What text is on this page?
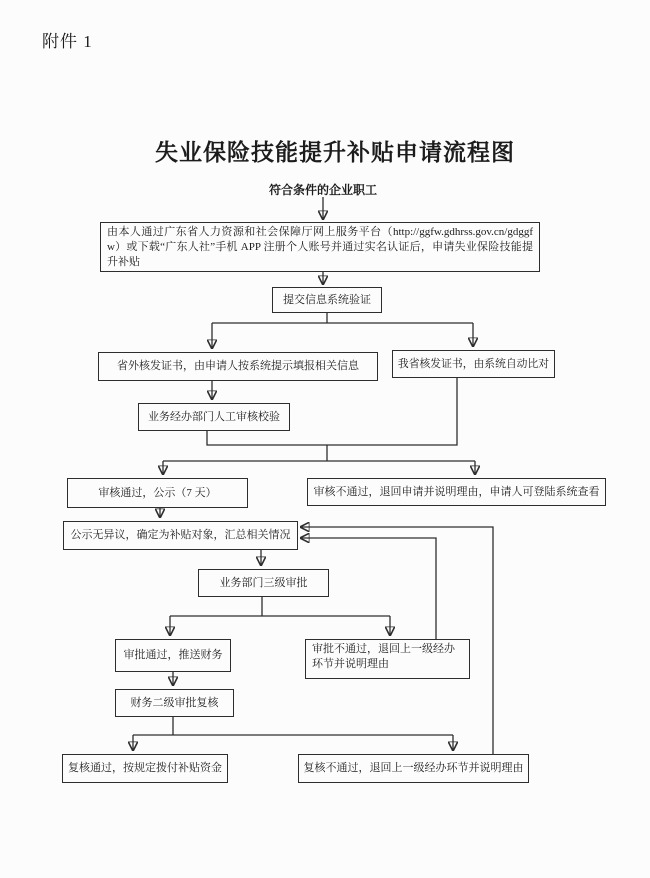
附件 1
失业保险技能提升补贴申请流程图
符合条件的企业职工
由本人通过广东省人力资源和社会保障厅网上服务平台（http://ggfw.gdhrss.gov.cn/gdggfw）或下载“广东人社”手机 APP 注册个人账号并通过实名认证后，申请失业保险技能提升补贴
提交信息系统验证
省外核发证书，由申请人按系统提示填报相关信息	我省核发证书，由系统自动比对
业务经办部门人工审核校验
审核通过，公示（7 天）	审核不通过，退回申请并说明理由，申请人可登陆系统查看
公示无异议，确定为补贴对象，汇总相关情况
业务部门三级审批
审批通过，推送财务
审批不通过，退回上一级经办环节并说明理由
财务二级审批复核
复核通过，按规定拨付补贴资金	复核不通过，退回上一级经办环节并说明理由
